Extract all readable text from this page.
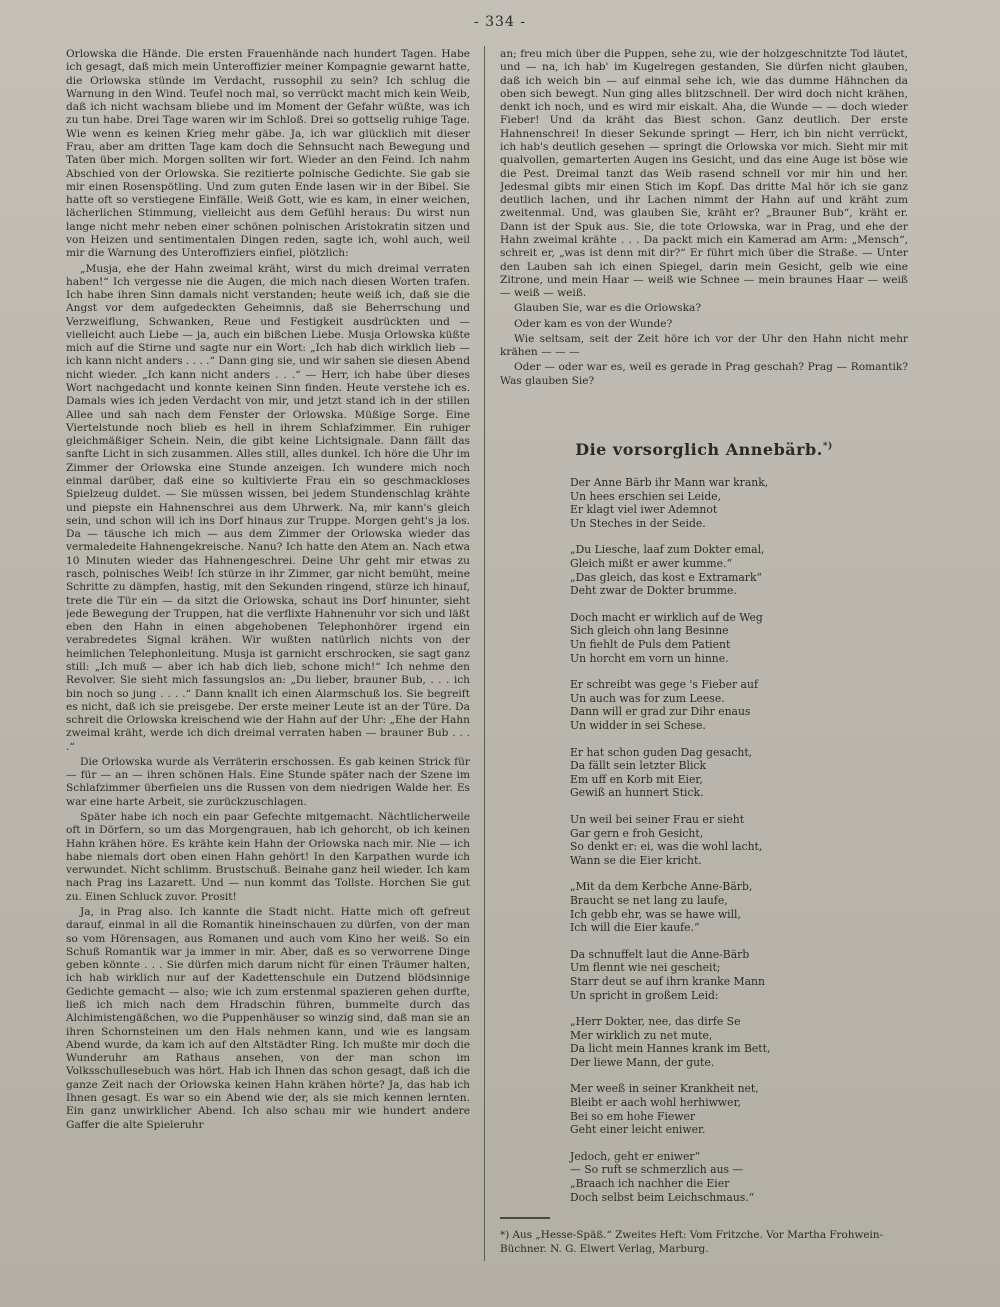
- 334 -

Orlowska die Hände. Die ersten Frauenhände nach hundert Tagen. Habe ich gesagt, daß mich mein Unteroffizier meiner Kompagnie gewarnt hatte, die Orlowska stünde im Verdacht, russophil zu sein? Ich schlug die Warnung in den Wind. Teufel noch mal, so verrückt macht mich kein Weib, daß ich nicht wachsam bliebe und im Moment der Gefahr wüßte, was ich zu tun habe. Drei Tage waren wir im Schloß. Drei so gottselig ruhige Tage. Wie wenn es keinen Krieg mehr gäbe. Ja, ich war glücklich mit dieser Frau, aber am dritten Tage kam doch die Sehnsucht nach Bewegung und Taten über mich. Morgen sollten wir fort. Wieder an den Feind. Ich nahm Abschied von der Orlowska. Sie rezitierte polnische Gedichte. Sie gab sie mir einen Rosenspötling. Und zum guten Ende lasen wir in der Bibel. Sie hatte oft so verstiegene Einfälle. Weiß Gott, wie es kam, in einer weichen, lächerlichen Stimmung, vielleicht aus dem Gefühl heraus: Du wirst nun lange nicht mehr neben einer schönen polnischen Aristokratin sitzen und von Heizen und sentimentalen Dingen reden, sagte ich, wohl auch, weil mir die Warnung des Unteroffiziers einfiel, plötzlich:

„Musja, ehe der Hahn zweimal kräht, wirst du mich dreimal verraten haben!“ Ich vergesse nie die Augen, die mich nach diesen Worten trafen. Ich habe ihren Sinn damals nicht verstanden; heute weiß ich, daß sie die Angst vor dem aufgedeckten Geheimnis, daß sie Beherrschung und Verzweiflung, Schwanken, Reue und Festigkeit ausdrückten und — vielleicht auch Liebe — ja, auch ein bißchen Liebe. Musja Orlowska küßte mich auf die Stirne und sagte nur ein Wort: „Ich hab dich wirklich lieb — ich kann nicht anders . . . .“ Dann ging sie, und wir sahen sie diesen Abend nicht wieder. „Ich kann nicht anders . . .“ — Herr, ich habe über dieses Wort nachgedacht und konnte keinen Sinn finden. Heute verstehe ich es. Damals wies ich jeden Verdacht von mir, und jetzt stand ich in der stillen Allee und sah nach dem Fenster der Orlowska. Müßige Sorge. Eine Viertelstunde noch blieb es hell in ihrem Schlafzimmer. Ein ruhiger gleichmäßiger Schein. Nein, die gibt keine Lichtsignale. Dann fällt das sanfte Licht in sich zusammen. Alles still, alles dunkel. Ich höre die Uhr im Zimmer der Orlowska eine Stunde anzeigen. Ich wundere mich noch einmal darüber, daß eine so kultivierte Frau ein so geschmackloses Spielzeug duldet. — Sie müssen wissen, bei jedem Stundenschlag krähte und piepste ein Hahnenschrei aus dem Uhrwerk. Na, mir kann's gleich sein, und schon will ich ins Dorf hinaus zur Truppe. Morgen geht's ja los. Da — täusche ich mich — aus dem Zimmer der Orlowska wieder das vermaledeite Hahnengekreische. Nanu? Ich hatte den Atem an. Nach etwa 10 Minuten wieder das Hahnengeschrei. Deine Uhr geht mir etwas zu rasch, polnisches Weib! Ich stürze in ihr Zimmer, gar nicht bemüht, meine Schritte zu dämpfen, hastig, mit den Sekunden ringend, stürze ich hinauf, trete die Tür ein — da sitzt die Orlowska, schaut ins Dorf hinunter, sieht jede Bewegung der Truppen, hat die verflixte Hahnenuhr vor sich und läßt eben den Hahn in einen abgehobenen Telephonhörer irgend ein verabredetes Signal krähen. Wir wußten natürlich nichts von der heimlichen Telephonleitung. Musja ist garnicht erschrocken, sie sagt ganz still: „Ich muß — aber ich hab dich lieb, schone mich!“ Ich nehme den Revolver. Sie sieht mich fassungslos an: „Du lieber, brauner Bub, . . . ich bin noch so jung . . . .“ Dann knallt ich einen Alarmschuß los. Sie begreift es nicht, daß ich sie preisgebe. Der erste meiner Leute ist an der Türe. Da schreit die Orlowska kreischend wie der Hahn auf der Uhr: „Ehe der Hahn zweimal kräht, werde ich dich dreimal verraten haben — brauner Bub . . . .“

Die Orlowska wurde als Verräterin erschossen. Es gab keinen Strick für — für — an — ihren schönen Hals. Eine Stunde später nach der Szene im Schlafzimmer überfielen uns die Russen von dem niedrigen Walde her. Es war eine harte Arbeit, sie zurückzuschlagen.

Später habe ich noch ein paar Gefechte mitgemacht. Nächtlicherweile oft in Dörfern, so um das Morgengrauen, hab ich gehorcht, ob ich keinen Hahn krähen höre. Es krähte kein Hahn der Orlowska nach mir. Nie — ich habe niemals dort oben einen Hahn gehört! In den Karpathen wurde ich verwundet. Nicht schlimm. Brustschuß. Beinahe ganz heil wieder. Ich kam nach Prag ins Lazarett. Und — nun kommt das Tollste. Horchen Sie gut zu. Einen Schluck zuvor. Prosit!

Ja, in Prag also. Ich kannte die Stadt nicht. Hatte mich oft gefreut darauf, einmal in all die Romantik hineinschauen zu dürfen, von der man so vom Hörensagen, aus Romanen und auch vom Kino her weiß. So ein Schuß Romantik war ja immer in mir. Aber, daß es so verworrene Dinge geben könnte . . . Sie dürfen mich darum nicht für einen Träumer halten, ich hab wirklich nur auf der Kadettenschule ein Dutzend blödsinnige Gedichte gemacht — also; wie ich zum erstenmal spazieren gehen durfte, ließ ich mich nach dem Hradschin führen, bummelte durch das Alchimistengäßchen, wo die Puppenhäuser so winzig sind, daß man sie an ihren Schornsteinen um den Hals nehmen kann, und wie es langsam Abend wurde, da kam ich auf den Altstädter Ring. Ich mußte mir doch die Wunderuhr am Rathaus ansehen, von der man schon im Volksschullesebuch was hört. Hab ich Ihnen das schon gesagt, daß ich die ganze Zeit nach der Orlowska keinen Hahn krähen hörte? Ja, das hab ich Ihnen gesagt. Es war so ein Abend wie der, als sie mich kennen lernten. Ein ganz unwirklicher Abend. Ich also schau mir wie hundert andere Gaffer die alte Spieleruhr

an; freu mich über die Puppen, sehe zu, wie der holzgeschnitzte Tod läutet, und — na, ich hab' im Kugelregen gestanden, Sie dürfen nicht glauben, daß ich weich bin — auf einmal sehe ich, wie das dumme Hähnchen da oben sich bewegt. Nun ging alles blitzschnell. Der wird doch nicht krähen, denkt ich noch, und es wird mir eiskalt. Aha, die Wunde — — doch wieder Fieber! Und da kräht das Biest schon. Ganz deutlich. Der erste Hahnenschrei! In dieser Sekunde springt — Herr, ich bin nicht verrückt, ich hab's deutlich gesehen — springt die Orlowska vor mich. Sieht mir mit qualvollen, gemarterten Augen ins Gesicht, und das eine Auge ist böse wie die Pest. Dreimal tanzt das Weib rasend schnell vor mir hin und her. Jedesmal gibts mir einen Stich im Kopf. Das dritte Mal hör ich sie ganz deutlich lachen, und ihr Lachen nimmt der Hahn auf und kräht zum zweitenmal. Und, was glauben Sie, kräht er? „Brauner Bub“, kräht er. Dann ist der Spuk aus. Sie, die tote Orlowska, war in Prag, und ehe der Hahn zweimal krähte . . . Da packt mich ein Kamerad am Arm: „Mensch“, schreit er, „was ist denn mit dir?“ Er führt mich über die Straße. — Unter den Lauben sah ich einen Spiegel, darin mein Gesicht, gelb wie eine Zitrone, und mein Haar — weiß wie Schnee — mein braunes Haar — weiß — weiß — weiß.

Glauben Sie, war es die Orlowska?

Oder kam es von der Wunde?

Wie seltsam, seit der Zeit höre ich vor der Uhr den Hahn nicht mehr krähen — — —

Oder — oder war es, weil es gerade in Prag geschah? Prag — Romantik? Was glauben Sie?

Die vorsorglich Annebärb.*)
Der Anne Bärb ihr Mann war krank,
Un hees erschien sei Leide,
Er klagt viel iwer Ademnot
Un Steches in der Seide.
„Du Liesche, laaf zum Dokter emal,
Gleich mißt er awer kumme.“
„Das gleich, das kost e Extramark“
Deht zwar de Dokter brumme.
Doch macht er wirklich auf de Weg
Sich gleich ohn lang Besinne
Un fiehlt de Puls dem Patient
Un horcht em vorn un hinne.
Er schreibt was gege 's Fieber auf
Un auch was for zum Leese.
Dann will er grad zur Dihr enaus
Un widder in sei Schese.
Er hat schon guden Dag gesacht,
Da fällt sein letzter Blick
Em uff en Korb mit Eier,
Gewiß an hunnert Stick.
Un weil bei seiner Frau er sieht
Gar gern e froh Gesicht,
So denkt er: ei, was die wohl lacht,
Wann se die Eier kricht.
„Mit da dem Kerbche Anne-Bärb,
Braucht se net lang zu laufe,
Ich gebb ehr, was se hawe will,
Ich will die Eier kaufe.“
Da schnuffelt laut die Anne-Bärb
Um flennt wie nei gescheit;
Starr deut se auf ihrn kranke Mann
Un spricht in großem Leid:
„Herr Dokter, nee, das dirfe Se
Mer wirklich zu net mute,
Da licht mein Hannes krank im Bett,
Der liewe Mann, der gute.
Mer weeß in seiner Krankheit net,
Bleibt er aach wohl herhiwwer,
Bei so em hohe Fiewer
Geht einer leicht eniwer.
Jedoch, geht er eniwer“
— So ruft se schmerzlich aus —
„Braach ich nachher die Eier
Doch selbst beim Leichschmaus.“
*) Aus „Hesse-Späß.“ Zweites Heft: Vom Fritzche. Vor Martha Frohwein-Büchner. N. G. Elwert Verlag, Marburg.
